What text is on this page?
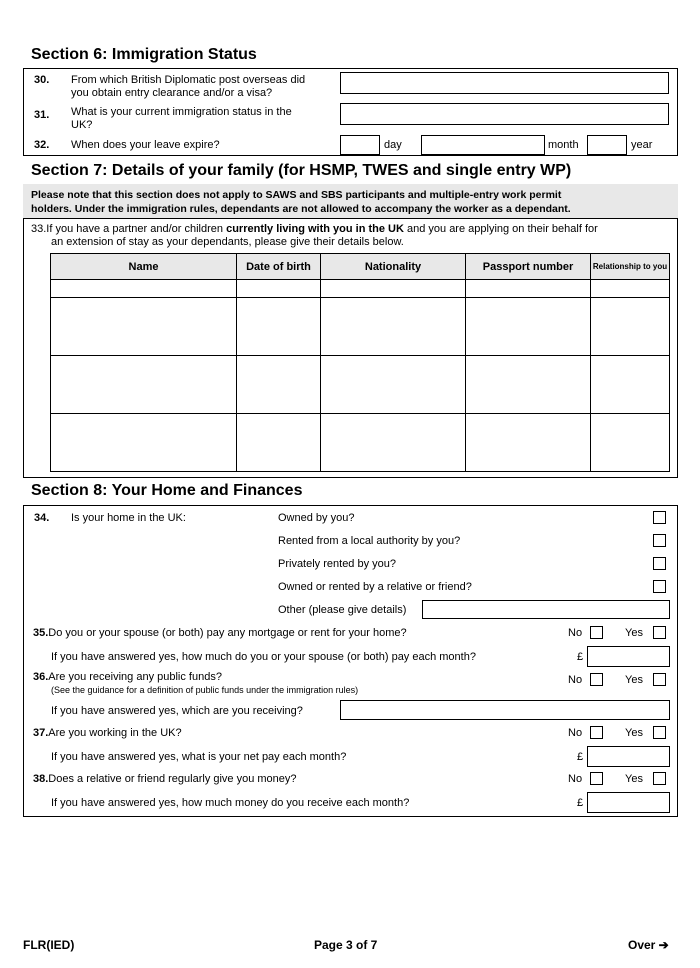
Section 6: Immigration Status
30. From which British Diplomatic post overseas did
you obtain entry clearance and/or a visa?
31. What is your current immigration status in the
UK?
32. When does your leave expire?	day	month	year
Section 7: Details of your family (for HSMP, TWES and single entry WP)
Please note that this section does not apply to SAWS and SBS participants and multiple-entry work permit
holders. Under the immigration rules, dependants are not allowed to accompany the worker as a dependant.
33.If you have a partner and/or children currently living with you in the UK and you are applying on their behalf for
an extension of stay as your dependants, please give their details below.
Name	Date of birth	Nationality	Passport number	Relationship to you

Section 8: Your Home and Finances
34. Is your home in the UK:	Owned by you?
Rented from a local authority by you?
Privately rented by you?
Owned or rented by a relative or friend?
Other (please give details)
35.Do you or your spouse (or both) pay any mortgage or rent for your home?	No	Yes
If you have answered yes, how much do you or your spouse (or both) pay each month?	£
36.Are you receiving any public funds?
(See the guidance for a definition of public funds under the immigration rules)
No	Yes
If you have answered yes, which are you receiving?
37.Are you working in the UK?	No	Yes
If you have answered yes, what is your net pay each month?	£
38.Does a relative or friend regularly give you money?	No	Yes
If you have answered yes, how much money do you receive each month?	£
FLR(IED)	Page 3 of 7	Over ➔
